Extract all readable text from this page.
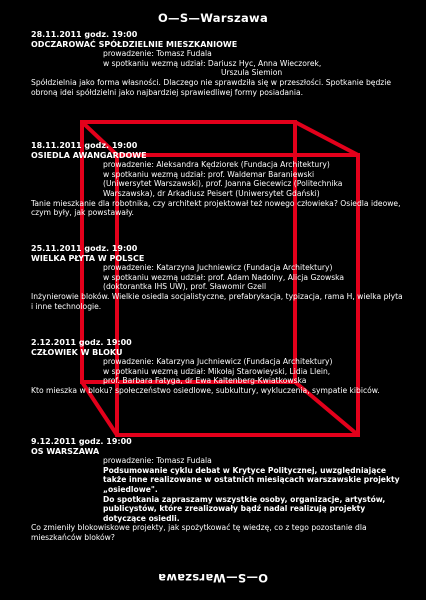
O—S—Warszawa
28.11.2011 godz. 19:00
ODCZAROWAĆ SPÓŁDZIELNIE MIESZKANIOWE
prowadzenie: Tomasz Fudala
w spotkaniu wezmą udział: Dariusz Hyc, Anna Wieczorek,
Urszula Siemion
Spółdzielnia jako forma własności. Dlaczego nie sprawdziła się w przeszłości. Spotkanie będzie obroną idei spółdzielni jako najbardziej sprawiedliwej formy posiadania.
18.11.2011 godz. 19:00
OSIEDLA AWANGARDOWE
prowadzenie: Aleksandra Kędziorek (Fundacja Architektury)
w spotkaniu wezmą udział: prof. Waldemar Baraniewski
(Uniwersytet Warszawski), prof. Joanna Giecewicz (Politechnika
Warszawska), dr Arkadiusz Peisert (Uniwersytet Gdański)
Tanie mieszkanie dla robotnika, czy architekt projektował też nowego człowieka? Osiedla ideowe, czym były, jak powstawały.
25.11.2011 godz. 19:00
WIELKA PŁYTA W POLSCE
prowadzenie: Katarzyna Juchniewicz (Fundacja Architektury)
w spotkaniu wezmą udział: prof. Adam Nadolny, Alicja Gzowska
(doktorantka IHS UW), prof. Sławomir Gzell
Inżynierowie bloków. Wielkie osiedla socjalistyczne, prefabrykacja, typizacja, rama H, wielka płyta i inne technologie.
2.12.2011 godz. 19:00
CZŁOWIEK W BLOKU
prowadzenie: Katarzyna Juchniewicz (Fundacja Architektury)
w spotkaniu wezmą udział: Mikołaj Starowieyski, Lidia Llein,
prof. Barbara Fatyga, dr Ewa Kaltenberg-Kwiatkowska
Kto mieszka w bloku? społeczeństwo osiedlowe, subkultury, wykluczenia, sympatie kibiców.
9.12.2011 godz. 19:00
OS WARSZAWA
prowadzenie: Tomasz Fudala
Podsumowanie cyklu debat w Krytyce Politycznej, uwzględniające także inne realizowane w ostatnich miesiącach warszawskie projekty „osiedlowe".
Do spotkania zapraszamy wszystkie osoby, organizacje, artystów, publicystów, które zrealizowały bądź nadal realizują projekty dotyczące osiedli.
Co zmieniły blokowiskowe projekty, jak spożytkować tę wiedzę, co z tego pozostanie dla mieszkańców bloków?
O—S—Warszawa
